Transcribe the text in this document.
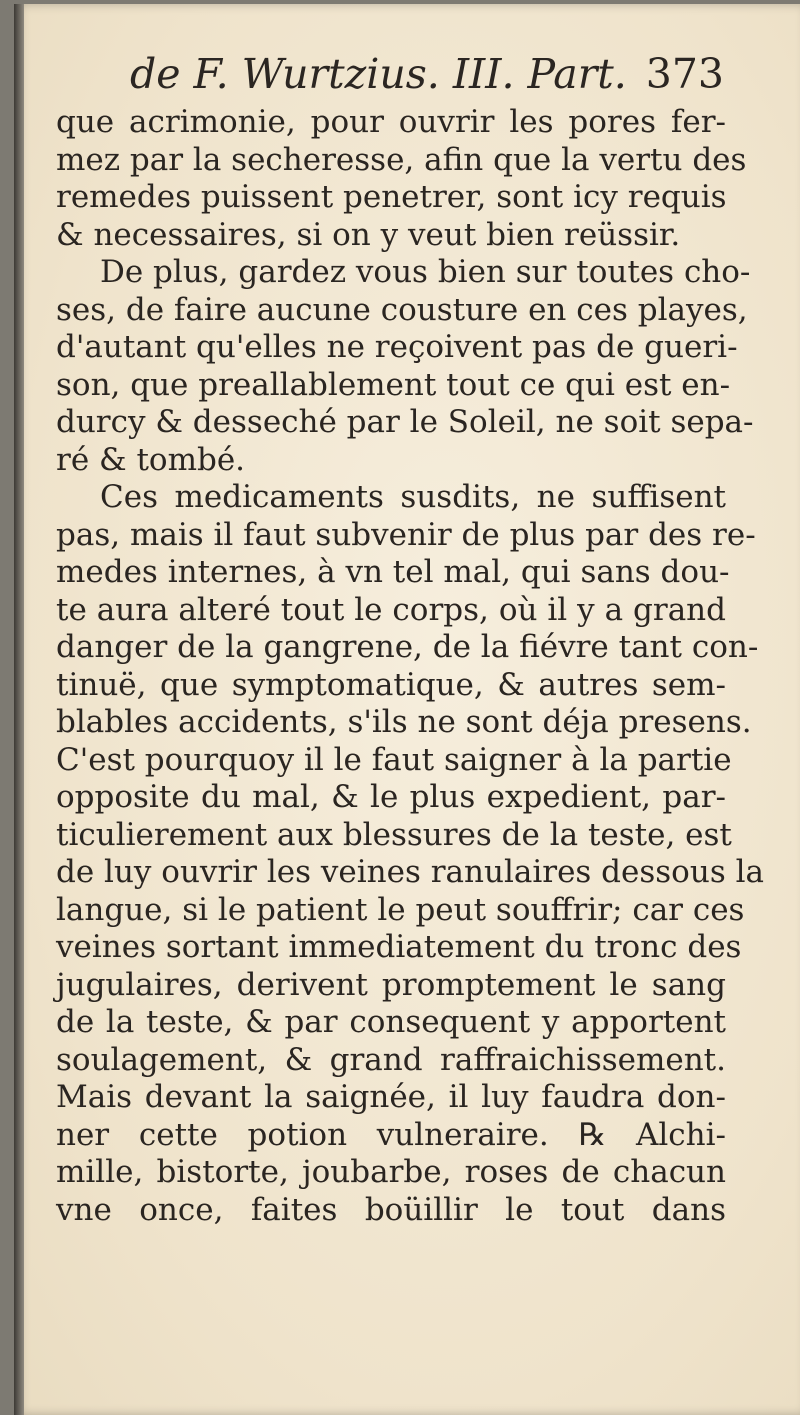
de F. Wurtzius. III. Part. 373
que acrimonie, pour ouvrir les pores fer-
mez par la secheresse, afin que la vertu des
remedes puissent penetrer, sont icy requis
& necessaires, si on y veut bien reüssir.
De plus, gardez vous bien sur toutes cho-
ses, de faire aucune cousture en ces playes,
d'autant qu'elles ne reçoivent pas de gueri-
son, que preallablement tout ce qui est en-
durcy & desseché par le Soleil, ne soit sepa-
ré & tombé.
Ces medicaments susdits, ne suffisent
pas, mais il faut subvenir de plus par des re-
medes internes, à vn tel mal, qui sans dou-
te aura alteré tout le corps, où il y a grand
danger de la gangrene, de la fiévre tant con-
tinuë, que symptomatique, & autres sem-
blables accidents, s'ils ne sont déja presens.
C'est pourquoy il le faut saigner à la partie
opposite du mal, & le plus expedient, par-
ticulierement aux blessures de la teste, est
de luy ouvrir les veines ranulaires dessous la
langue, si le patient le peut souffrir; car ces
veines sortant immediatement du tronc des
jugulaires, derivent promptement le sang
de la teste, & par consequent y apportent
soulagement, & grand raffraichissement.
Mais devant la saignée, il luy faudra don-
ner cette potion vulneraire. ℞ Alchi-
mille, bistorte, joubarbe, roses de chacun
vne once, faites boüillir le tout dans
